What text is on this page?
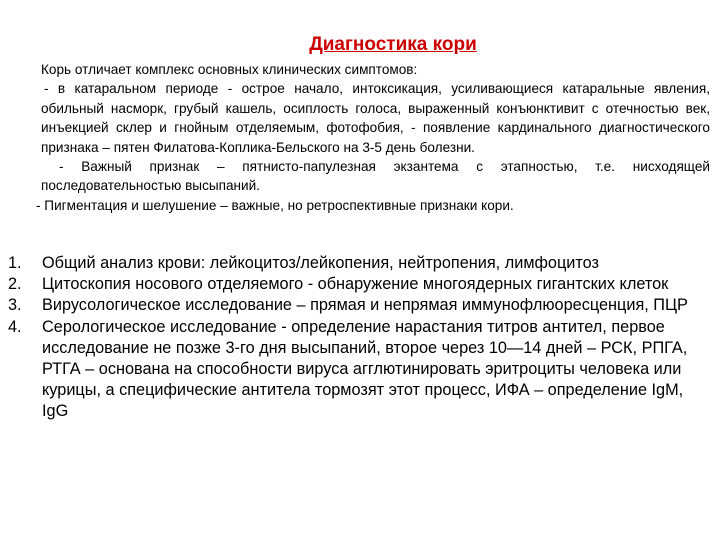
Диагностика кори

Корь отличает комплекс основных клинических симптомов:

- в катаральном периоде - острое начало, интоксикация, усиливающиеся катаральные явления, обильный насморк, грубый кашель, осиплость голоса, выраженный конъюнктивит с отечностью век, инъекцией склер и гнойным отделяемым, фотофобия, - появление кардинального диагностического признака – пятен Филатова-Коплика-Бельского на 3-5 день болезни.

- Важный признак – пятнисто-папулезная экзантема с этапностью, т.е. нисходящей последовательностью высыпаний.

- Пигментация и шелушение – важные, но ретроспективные признаки кори.

1. Общий анализ крови: лейкоцитоз/лейкопения, нейтропения, лимфоцитоз
2. Цитоскопия носового отделяемого - обнаружение многоядерных гигантских клеток
3. Вирусологическое исследование – прямая и непрямая иммунофлюоресценция, ПЦР
4. Серологическое исследование - определение нарастания титров антител, первое исследование не позже 3-го дня высыпаний, второе через 10—14 дней – РСК, РПГА, РТГА – основана на способности вируса агглютинировать эритроциты человека или курицы, а специфические антитела тормозят этот процесс, ИФА – определение IgM, IgG
